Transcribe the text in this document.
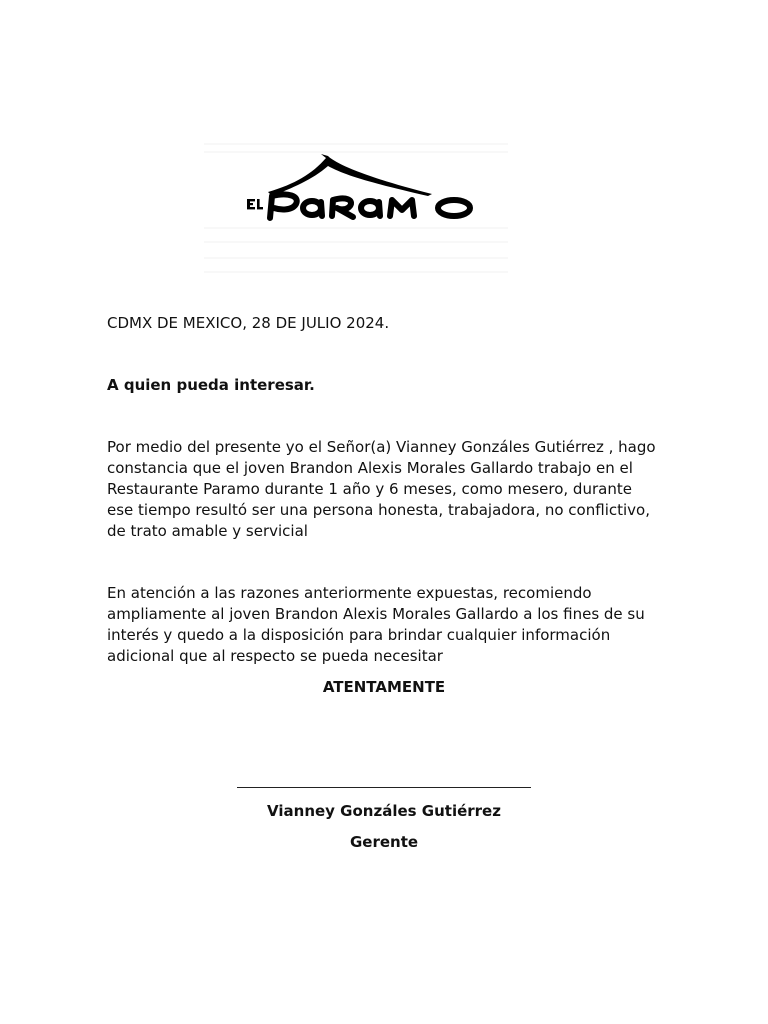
CDMX DE MEXICO, 28 DE JULIO 2024.
A quien pueda interesar.
Por medio del presente yo el Señor(a) Vianney Gonzáles Gutiérrez , hago
constancia que el joven Brandon Alexis Morales Gallardo trabajo en el
Restaurante Paramo durante 1 año y 6 meses, como mesero, durante
ese tiempo resultó ser una persona honesta, trabajadora, no conflictivo,
de trato amable y servicial
En atención a las razones anteriormente expuestas, recomiendo
ampliamente al joven Brandon Alexis Morales Gallardo a los fines de su
interés y quedo a la disposición para brindar cualquier información
adicional que al respecto se pueda necesitar
ATENTAMENTE
Vianney Gonzáles Gutiérrez
Gerente
